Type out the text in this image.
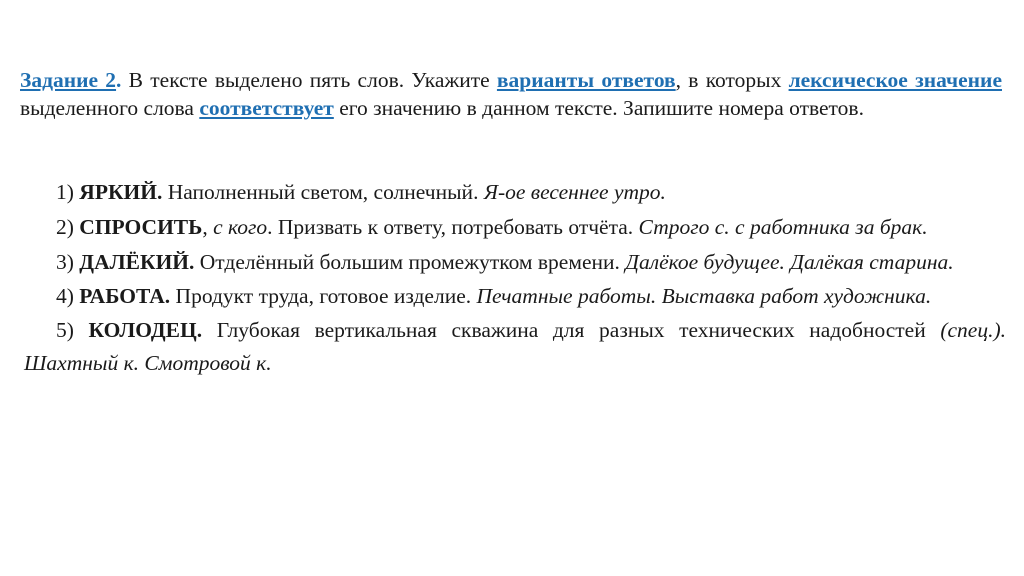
Задание 2. В тексте выделено пять слов. Укажите варианты ответов, в которых лексическое значение выделенного слова соответствует его значению в данном тексте. Запишите номера ответов.

1) ЯРКИЙ. Наполненный светом, солнечный. Я-ое весеннее утро.

2) СПРОСИТЬ, с кого. Призвать к ответу, потребовать отчёта. Строго с. с работника за брак.

3) ДАЛЁКИЙ. Отделённый большим промежутком времени. Далёкое будущее. Далёкая старина.

4) РАБОТА. Продукт труда, готовое изделие. Печатные работы. Выставка работ художника.

5) КОЛОДЕЦ. Глубокая вертикальная скважина для разных технических надобностей (спец.). Шахтный к. Смотровой к.
